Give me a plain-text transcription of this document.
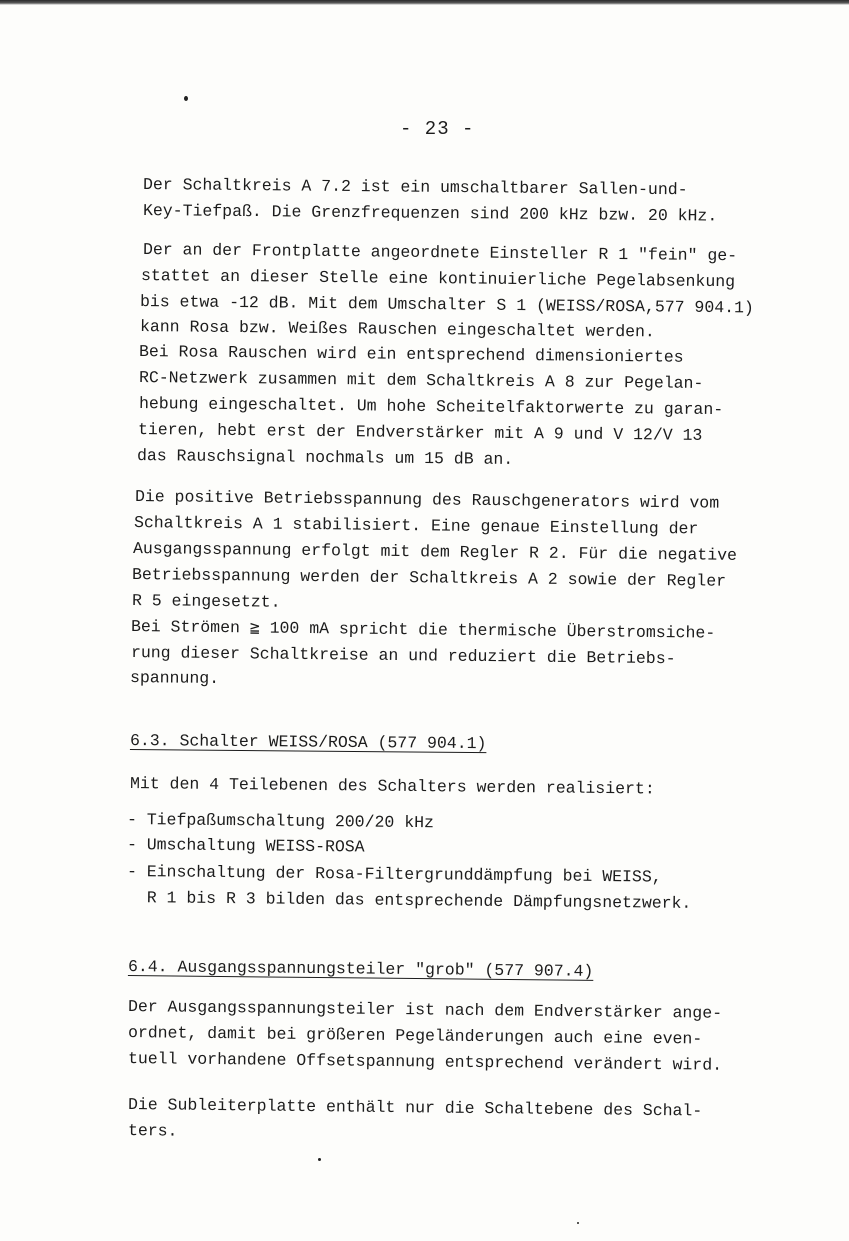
- 23 -
Der Schaltkreis A 7.2 ist ein umschaltbarer Sallen-und-
Key-Tiefpaß. Die Grenzfrequenzen sind 200 kHz bzw. 20 kHz.
Der an der Frontplatte angeordnete Einsteller R 1 "fein" ge-
stattet an dieser Stelle eine kontinuierliche Pegelabsenkung
bis etwa -12 dB. Mit dem Umschalter S 1 (WEISS/ROSA,577 904.1)
kann Rosa bzw. Weißes Rauschen eingeschaltet werden.
Bei Rosa Rauschen wird ein entsprechend dimensioniertes
RC-Netzwerk zusammen mit dem Schaltkreis A 8 zur Pegelan-
hebung eingeschaltet. Um hohe Scheitelfaktorwerte zu garan-
tieren, hebt erst der Endverstärker mit A 9 und V 12/V 13
das Rauschsignal nochmals um 15 dB an.
Die positive Betriebsspannung des Rauschgenerators wird vom
Schaltkreis A 1 stabilisiert. Eine genaue Einstellung der
Ausgangsspannung erfolgt mit dem Regler R 2. Für die negative
Betriebsspannung werden der Schaltkreis A 2 sowie der Regler
R 5 eingesetzt.
Bei Strömen ≧ 100 mA spricht die thermische Überstromsiche-
rung dieser Schaltkreise an und reduziert die Betriebs-
spannung.
6.3. Schalter WEISS/ROSA (577 904.1)
Mit den 4 Teilebenen des Schalters werden realisiert:
- Tiefpaßumschaltung 200/20 kHz
- Umschaltung WEISS-ROSA
- Einschaltung der Rosa-Filtergrunddämpfung bei WEISS,
R 1 bis R 3 bilden das entsprechende Dämpfungsnetzwerk.
6.4. Ausgangsspannungsteiler "grob" (577 907.4)
Der Ausgangsspannungsteiler ist nach dem Endverstärker ange-
ordnet, damit bei größeren Pegeländerungen auch eine even-
tuell vorhandene Offsetspannung entsprechend verändert wird.
Die Subleiterplatte enthält nur die Schaltebene des Schal-
ters.
